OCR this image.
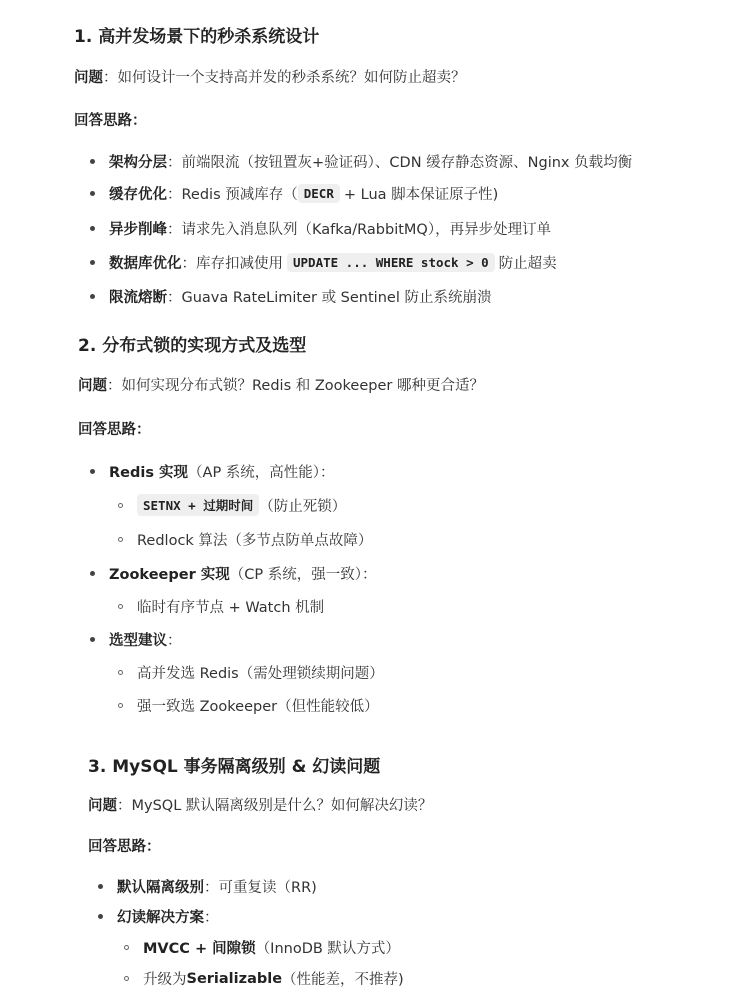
1. 高并发场景下的秒杀系统设计
问题：如何设计一个支持高并发的秒杀系统？如何防止超卖？
回答思路：
架构分层 ：前端限流（按钮置灰+验证码）、CDN 缓存静态资源、Nginx 负载均衡
缓存优化 ：Redis 预减库存（ DECR + Lua 脚本保证原子性)
异步削峰 ：请求先入消息队列（Kafka/RabbitMQ），再异步处理订单
数据库优化 ：库存扣减使用 UPDATE ... WHERE stock > 0 防止超卖
限流熔断 ：Guava RateLimiter 或 Sentinel 防止系统崩溃
2. 分布式锁的实现方式及选型
问题：如何实现分布式锁？Redis 和 Zookeeper 哪种更合适？
回答思路：
Redis 实现 （AP 系统，高性能）：
SETNX + 过期时间 （防止死锁）
Redlock 算法（多节点防单点故障）
Zookeeper 实现 （CP 系统，强一致）：
临时有序节点 + Watch 机制
选型建议 ：
高并发选 Redis（需处理锁续期问题）
强一致选 Zookeeper（但性能较低）
3. MySQL 事务隔离级别 & 幻读问题
问题：MySQL 默认隔离级别是什么？如何解决幻读？
回答思路：
默认隔离级别 ：可重复读（RR)
幻读解决方案 ：
MVCC + 间隙锁 （InnoDB 默认方式）
升级为 Serializable （性能差，不推荐)
